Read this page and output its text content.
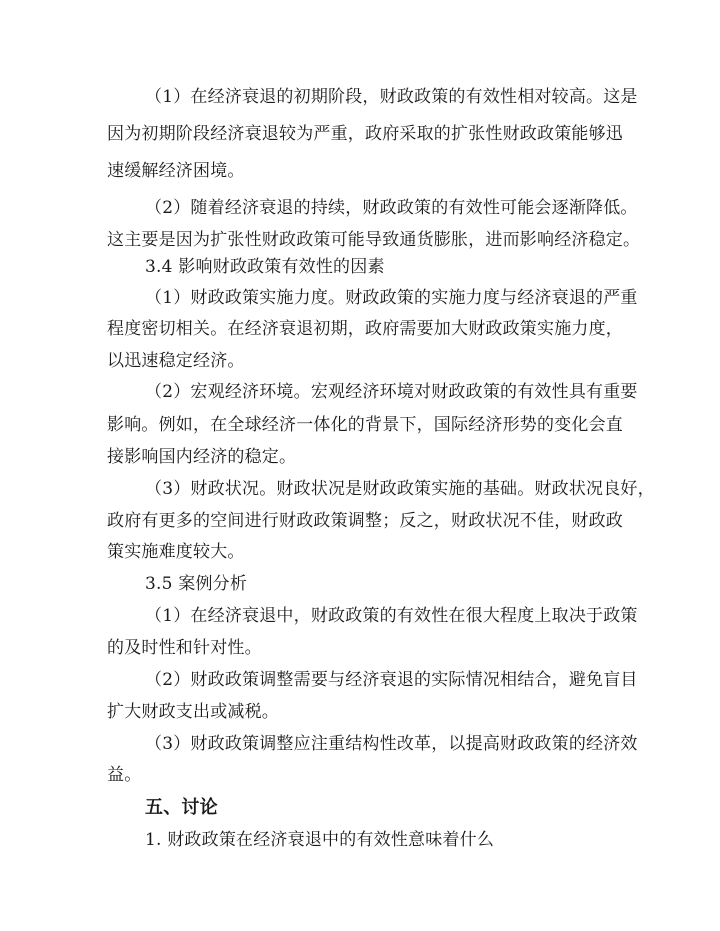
（1）在经济衰退的初期阶段，财政政策的有效性相对较高。这是
因为初期阶段经济衰退较为严重，政府采取的扩张性财政政策能够迅
速缓解经济困境。
（2）随着经济衰退的持续，财政政策的有效性可能会逐渐降低。
这主要是因为扩张性财政政策可能导致通货膨胀，进而影响经济稳定。
3.4 影响财政政策有效性的因素
（1）财政政策实施力度。财政政策的实施力度与经济衰退的严重
程度密切相关。在经济衰退初期，政府需要加大财政政策实施力度，
以迅速稳定经济。
（2）宏观经济环境。宏观经济环境对财政政策的有效性具有重要
影响。例如，在全球经济一体化的背景下，国际经济形势的变化会直
接影响国内经济的稳定。
（3）财政状况。财政状况是财政政策实施的基础。财政状况良好，
政府有更多的空间进行财政政策调整；反之，财政状况不佳，财政政
策实施难度较大。
3.5 案例分析
（1）在经济衰退中，财政政策的有效性在很大程度上取决于政策
的及时性和针对性。
（2）财政政策调整需要与经济衰退的实际情况相结合，避免盲目
扩大财政支出或减税。
（3）财政政策调整应注重结构性改革，以提高财政政策的经济效
益。
五、讨论
1. 财政政策在经济衰退中的有效性意味着什么
